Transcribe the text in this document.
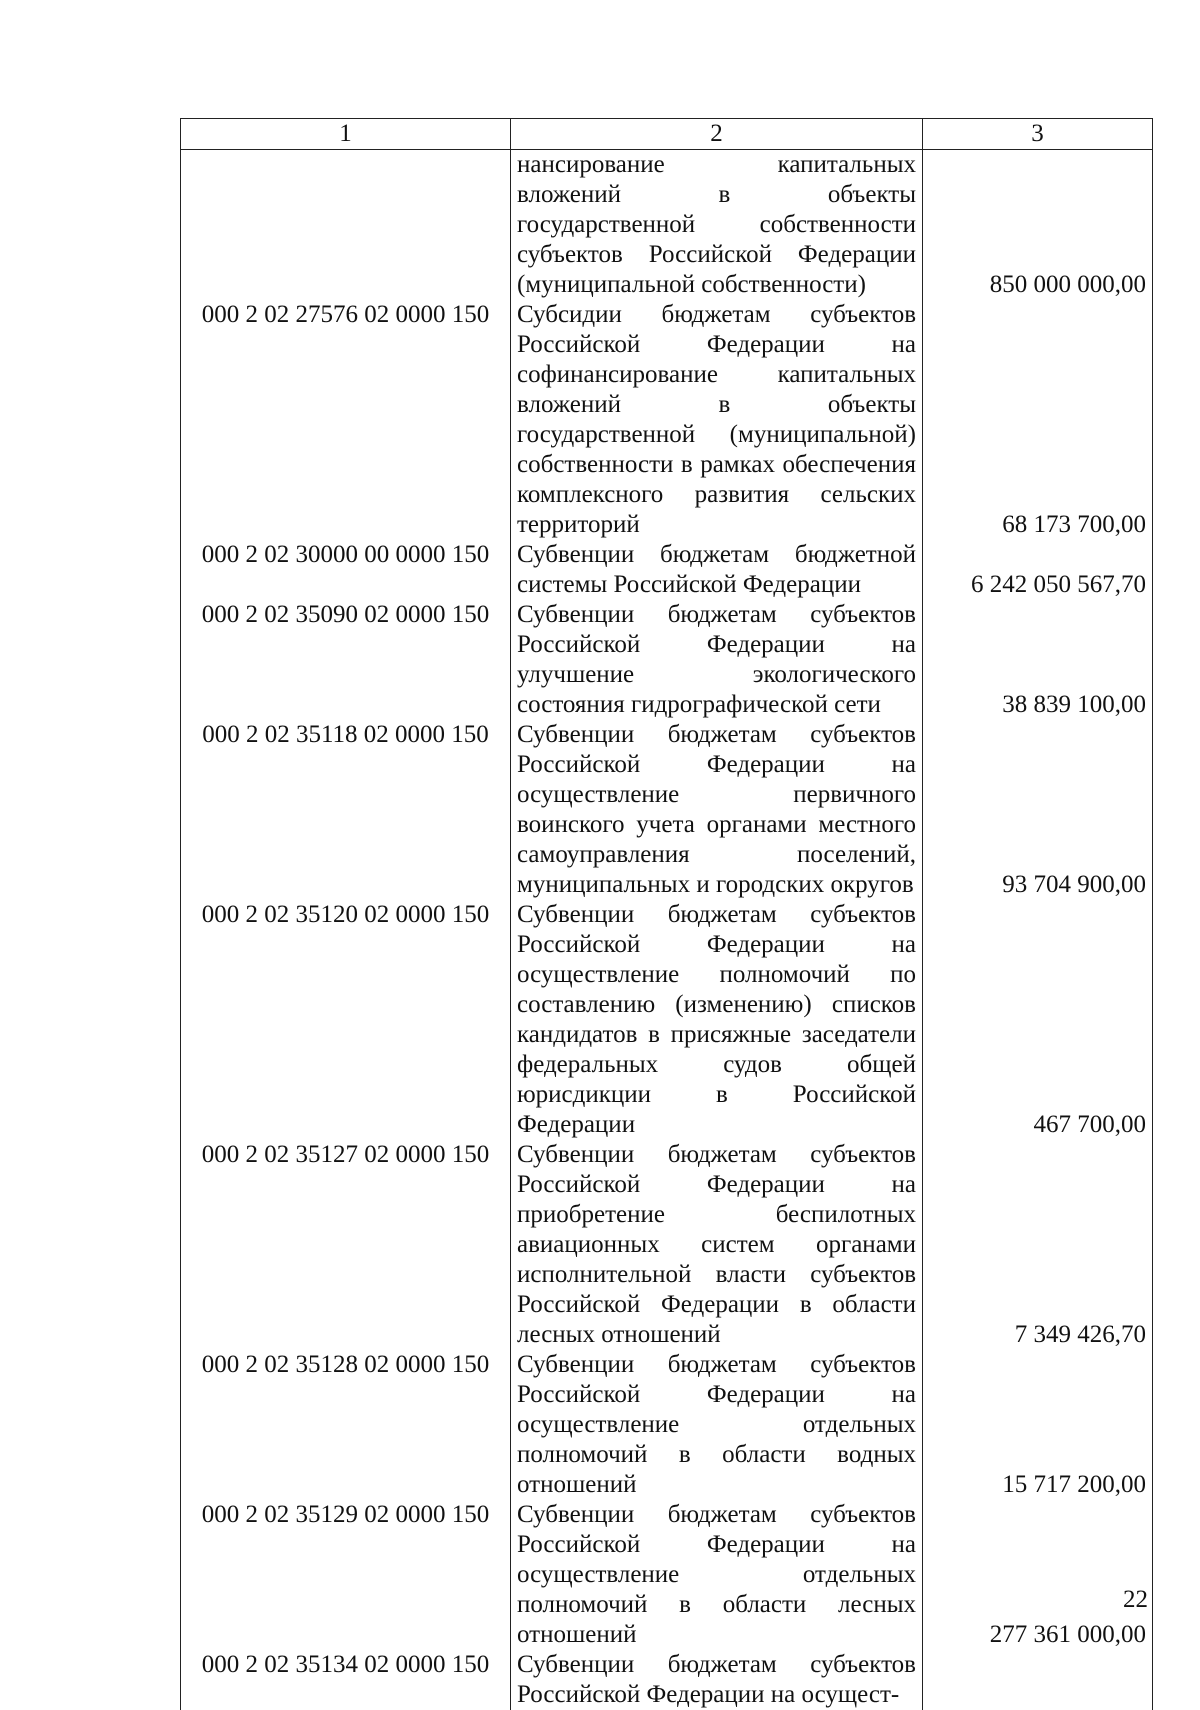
1	2	3
	нансирование капитальных вложений в объекты государственной собственности субъектов Российской Федерации (муниципальной собственности)	850 000 000,00
000 2 02 27576 02 0000 150	Субсидии бюджетам субъектов Российской Федерации на софинансирование капитальных вложений в объекты государственной (муниципальной) собственности в рамках обеспечения комплексного развития сельских территорий	68 173 700,00
000 2 02 30000 00 0000 150	Субвенции бюджетам бюджетной системы Российской Федерации	6 242 050 567,70
000 2 02 35090 02 0000 150	Субвенции бюджетам субъектов Российской Федерации на улучшение экологического состояния гидрографической сети	38 839 100,00
000 2 02 35118 02 0000 150	Субвенции бюджетам субъектов Российской Федерации на осуществление первичного воинского учета органами местного самоуправления поселений, муниципальных и городских округов	93 704 900,00
000 2 02 35120 02 0000 150	Субвенции бюджетам субъектов Российской Федерации на осуществление полномочий по составлению (изменению) списков кандидатов в присяжные заседатели федеральных судов общей юрисдикции в Российской Федерации	467 700,00
000 2 02 35127 02 0000 150	Субвенции бюджетам субъектов Российской Федерации на приобретение беспилотных авиационных систем органами исполнительной власти субъектов Российской Федерации в области лесных отношений	7 349 426,70
000 2 02 35128 02 0000 150	Субвенции бюджетам субъектов Российской Федерации на осуществление отдельных полномочий в области водных отношений	15 717 200,00
000 2 02 35129 02 0000 150	Субвенции бюджетам субъектов Российской Федерации на осуществление отдельных полномочий в области лесных отношений	277 361 000,00
000 2 02 35134 02 0000 150	Субвенции бюджетам субъектов Российской Федерации на осущест-	
22
